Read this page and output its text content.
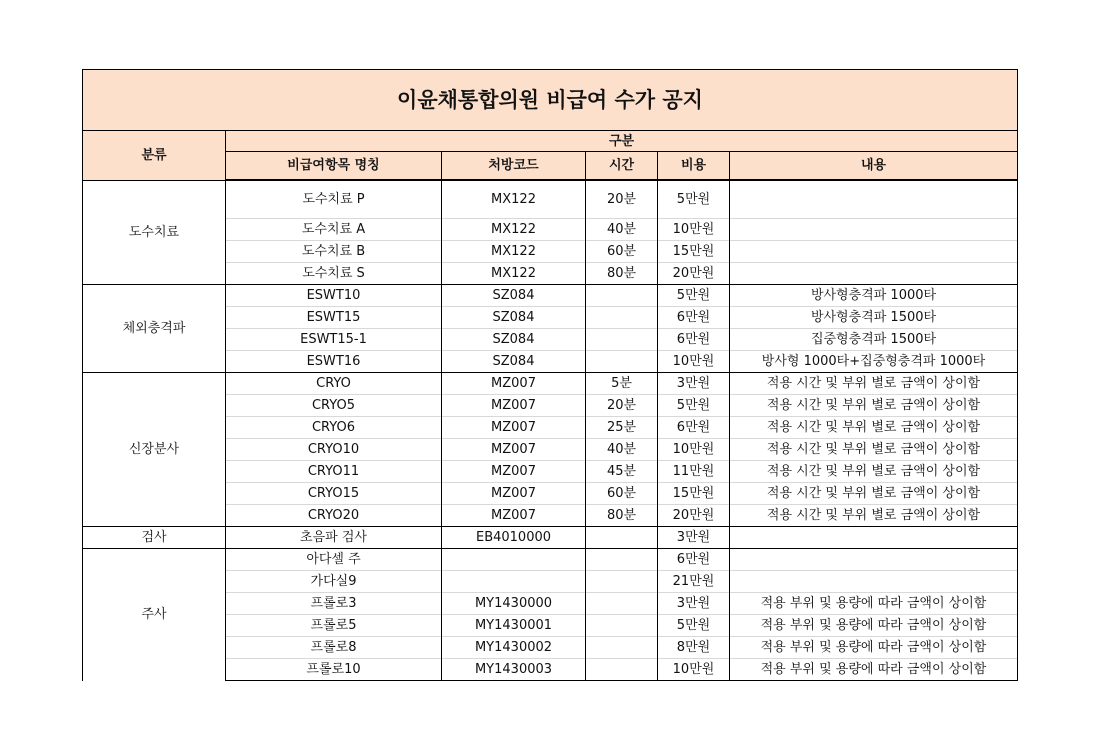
이윤채통합의원 비급여 수가 공지					
분류	구분				
	비급여항목 명칭	처방코드	시간	비용	내용
도수치료	도수치료 P	MX122	20분	5만원	
	도수치료 A	MX122	40분	10만원	
	도수치료 B	MX122	60분	15만원	
	도수치료 S	MX122	80분	20만원	
체외충격파	ESWT10	SZ084		5만원	방사형충격파 1000타
	ESWT15	SZ084		6만원	방사형충격파 1500타
	ESWT15-1	SZ084		6만원	집중형충격파 1500타
	ESWT16	SZ084		10만원	방사형 1000타+집중형충격파 1000타
신장분사	CRYO	MZ007	5분	3만원	적용 시간 및 부위 별로 금액이 상이함
	CRYO5	MZ007	20분	5만원	적용 시간 및 부위 별로 금액이 상이함
	CRYO6	MZ007	25분	6만원	적용 시간 및 부위 별로 금액이 상이함
	CRYO10	MZ007	40분	10만원	적용 시간 및 부위 별로 금액이 상이함
	CRYO11	MZ007	45분	11만원	적용 시간 및 부위 별로 금액이 상이함
	CRYO15	MZ007	60분	15만원	적용 시간 및 부위 별로 금액이 상이함
	CRYO20	MZ007	80분	20만원	적용 시간 및 부위 별로 금액이 상이함
검사	초음파 검사	EB4010000		3만원	
주사	아다셀 주			6만원	
	가다실9			21만원	
	프롤로3	MY1430000		3만원	적용 부위 및 용량에 따라 금액이 상이함
	프롤로5	MY1430001		5만원	적용 부위 및 용량에 따라 금액이 상이함
	프롤로8	MY1430002		8만원	적용 부위 및 용량에 따라 금액이 상이함
	프롤로10	MY1430003		10만원	적용 부위 및 용량에 따라 금액이 상이함
